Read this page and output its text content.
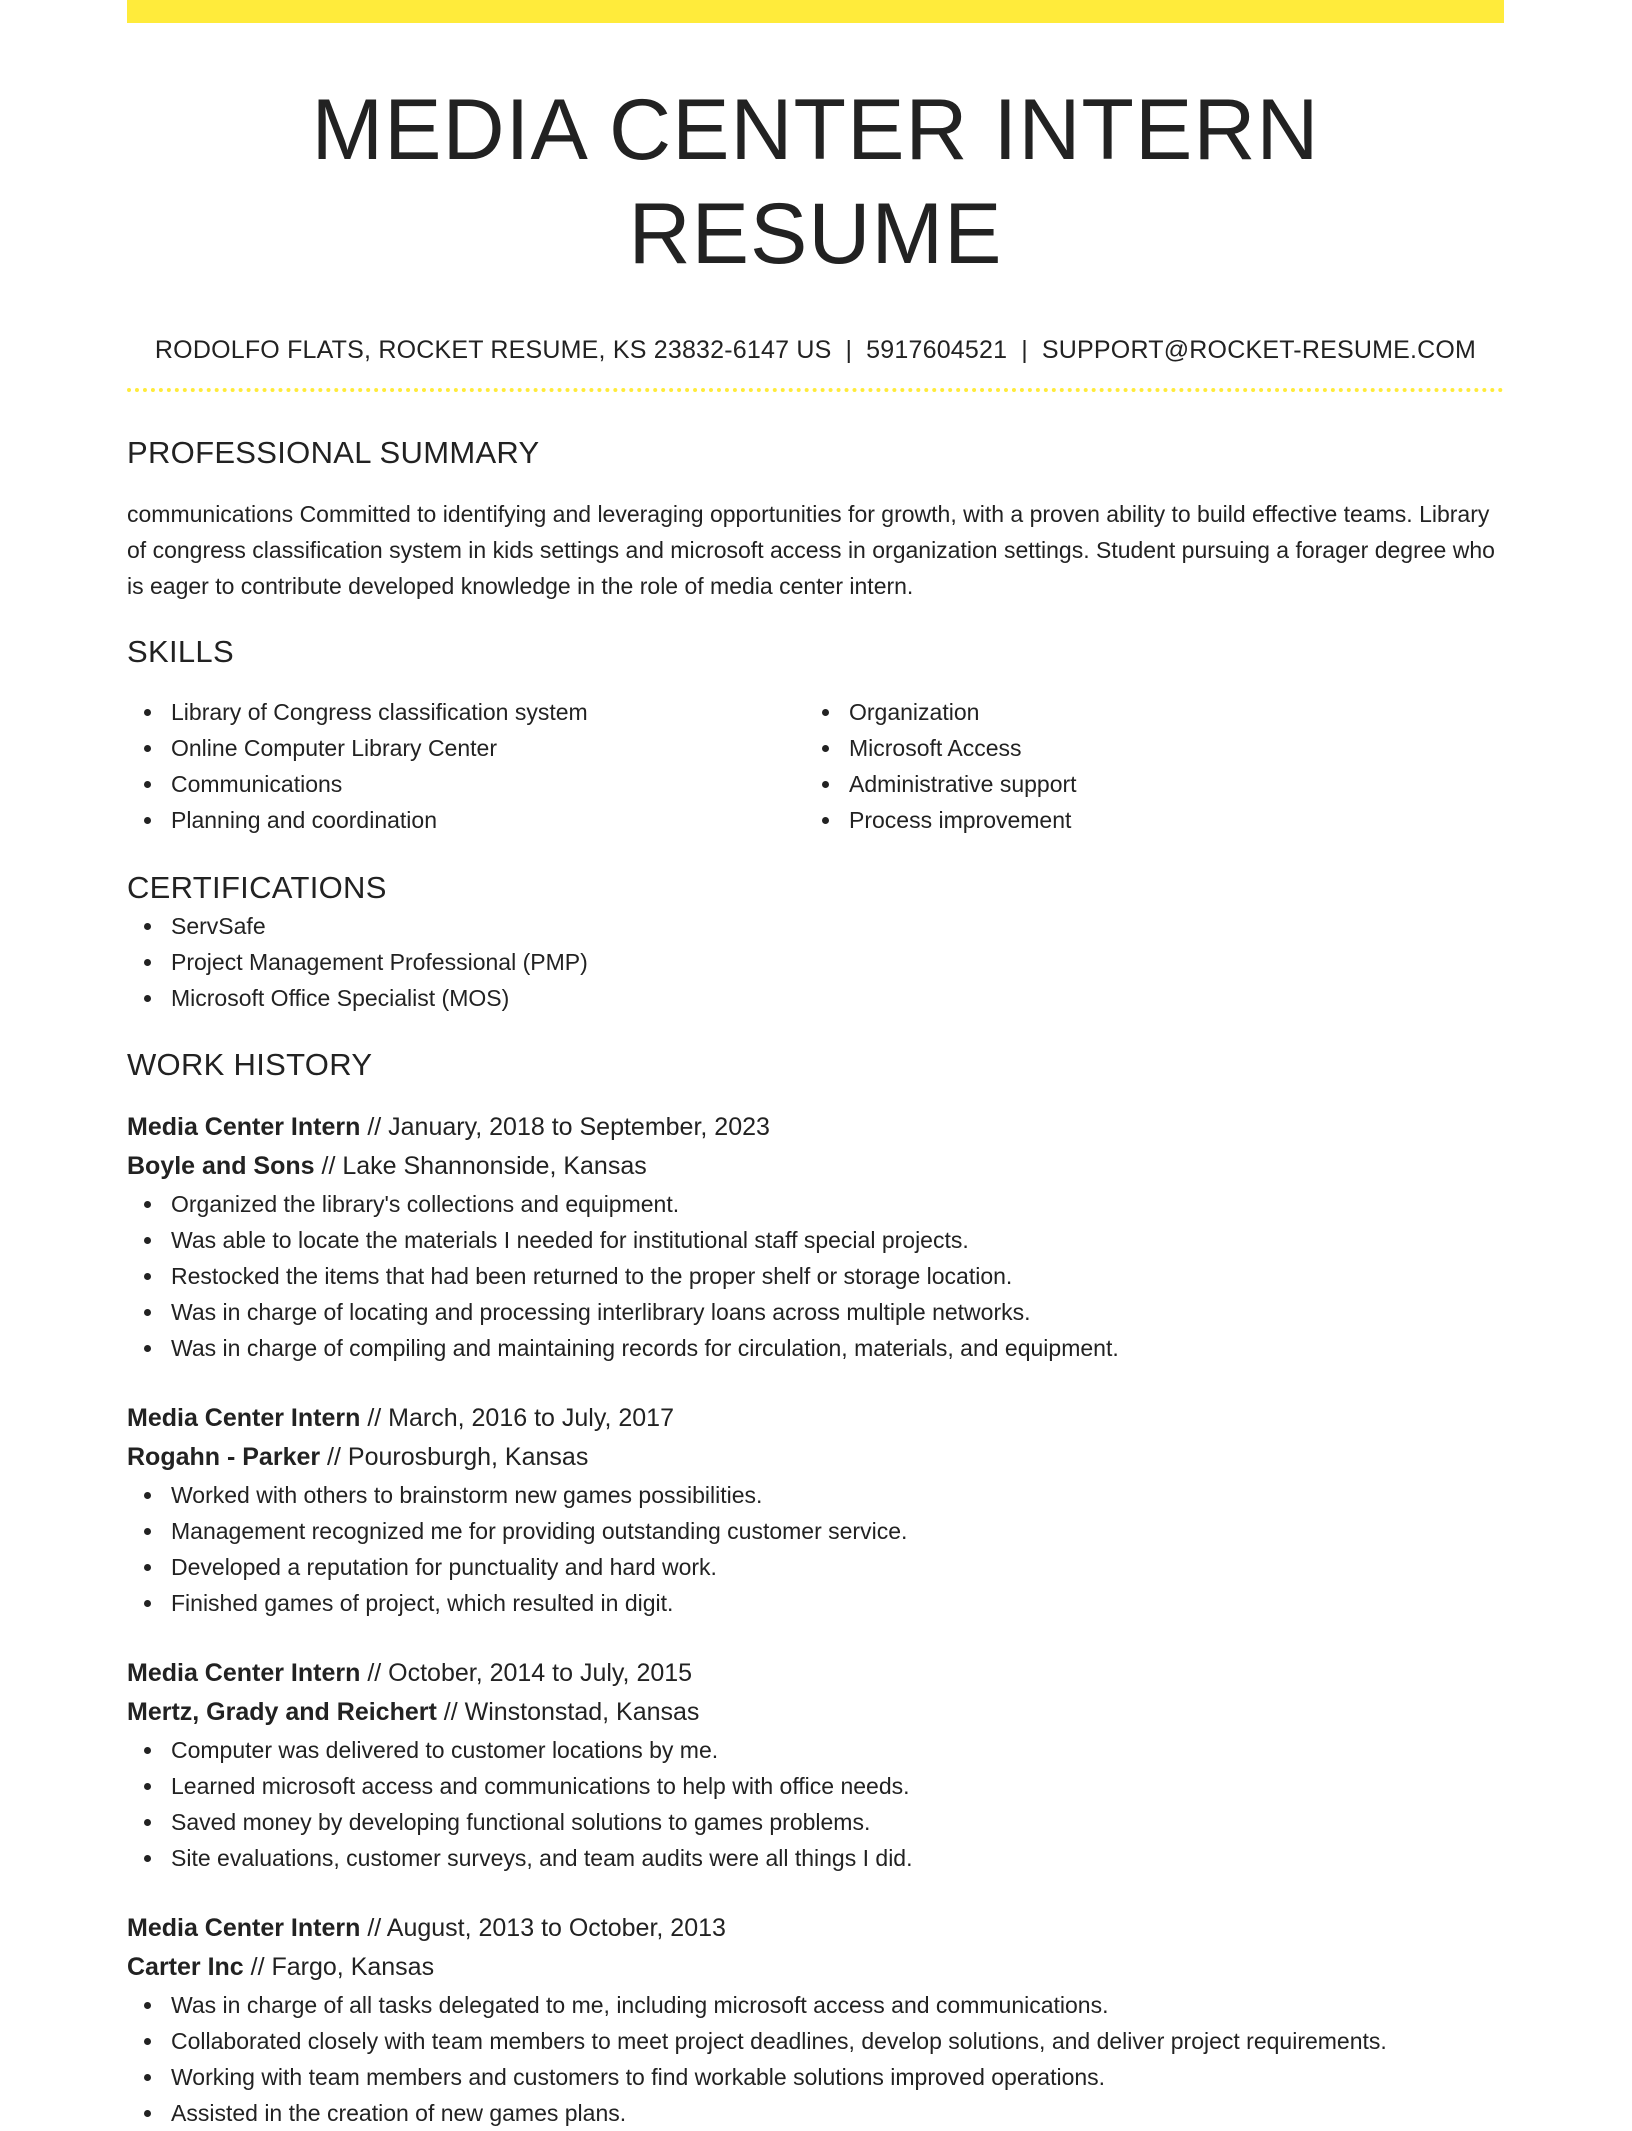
MEDIA CENTER INTERN RESUME
RODOLFO FLATS, ROCKET RESUME, KS 23832-6147 US | 5917604521 | SUPPORT@ROCKET-RESUME.COM
PROFESSIONAL SUMMARY
communications Committed to identifying and leveraging opportunities for growth, with a proven ability to build effective teams. Library of congress classification system in kids settings and microsoft access in organization settings. Student pursuing a forager degree who is eager to contribute developed knowledge in the role of media center intern.
SKILLS
Library of Congress classification system
Online Computer Library Center
Communications
Planning and coordination
Organization
Microsoft Access
Administrative support
Process improvement
CERTIFICATIONS
ServSafe
Project Management Professional (PMP)
Microsoft Office Specialist (MOS)
WORK HISTORY
Media Center Intern // January, 2018 to September, 2023
Boyle and Sons // Lake Shannonside, Kansas
Organized the library's collections and equipment.
Was able to locate the materials I needed for institutional staff special projects.
Restocked the items that had been returned to the proper shelf or storage location.
Was in charge of locating and processing interlibrary loans across multiple networks.
Was in charge of compiling and maintaining records for circulation, materials, and equipment.
Media Center Intern // March, 2016 to July, 2017
Rogahn - Parker // Pourosburgh, Kansas
Worked with others to brainstorm new games possibilities.
Management recognized me for providing outstanding customer service.
Developed a reputation for punctuality and hard work.
Finished games of project, which resulted in digit.
Media Center Intern // October, 2014 to July, 2015
Mertz, Grady and Reichert // Winstonstad, Kansas
Computer was delivered to customer locations by me.
Learned microsoft access and communications to help with office needs.
Saved money by developing functional solutions to games problems.
Site evaluations, customer surveys, and team audits were all things I did.
Media Center Intern // August, 2013 to October, 2013
Carter Inc // Fargo, Kansas
Was in charge of all tasks delegated to me, including microsoft access and communications.
Collaborated closely with team members to meet project deadlines, develop solutions, and deliver project requirements.
Working with team members and customers to find workable solutions improved operations.
Assisted in the creation of new games plans.
